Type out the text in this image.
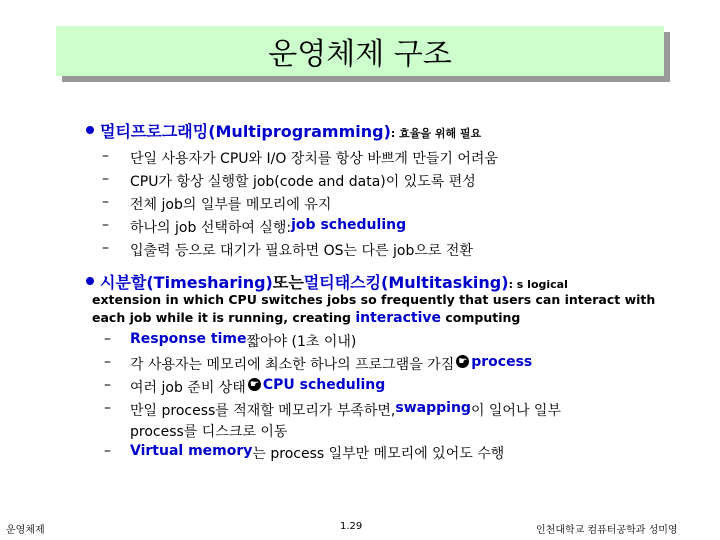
운영체제 구조
멀티프로그래밍(Multiprogramming) : 효율을 위해 필요
–	단일 사용자가 CPU와 I/O 장치를 항상 바쁘게 만들기 어려움
–	CPU가 항상 실행할 job(code and data)이 있도록 편성
–	전체 job의 일부를 메모리에 유지
–	하나의 job 선택하여 실행: job scheduling
–	입출력 등으로 대기가 필요하면 OS는 다른 job으로 전환
시분할(Timesharing) 또는 멀티태스킹(Multitasking) : s logical
extension in which CPU switches jobs so frequently that users can interact with
each job while it is running, creating interactive computing
–	Response time 짧아야 (1초 이내)
–	각 사용자는 메모리에 최소한 하나의 프로그램을 가짐 ☛ process
–	여러 job 준비 상태 ☛ CPU scheduling
–	만일 process를 적재할 메모리가 부족하면, swapping 이 일어나 일부
process를 디스크로 이동
–	Virtual memory 는 process 일부만 메모리에 있어도 수행
운영체제	1.29	인천대학교 컴퓨터공학과 성미영
